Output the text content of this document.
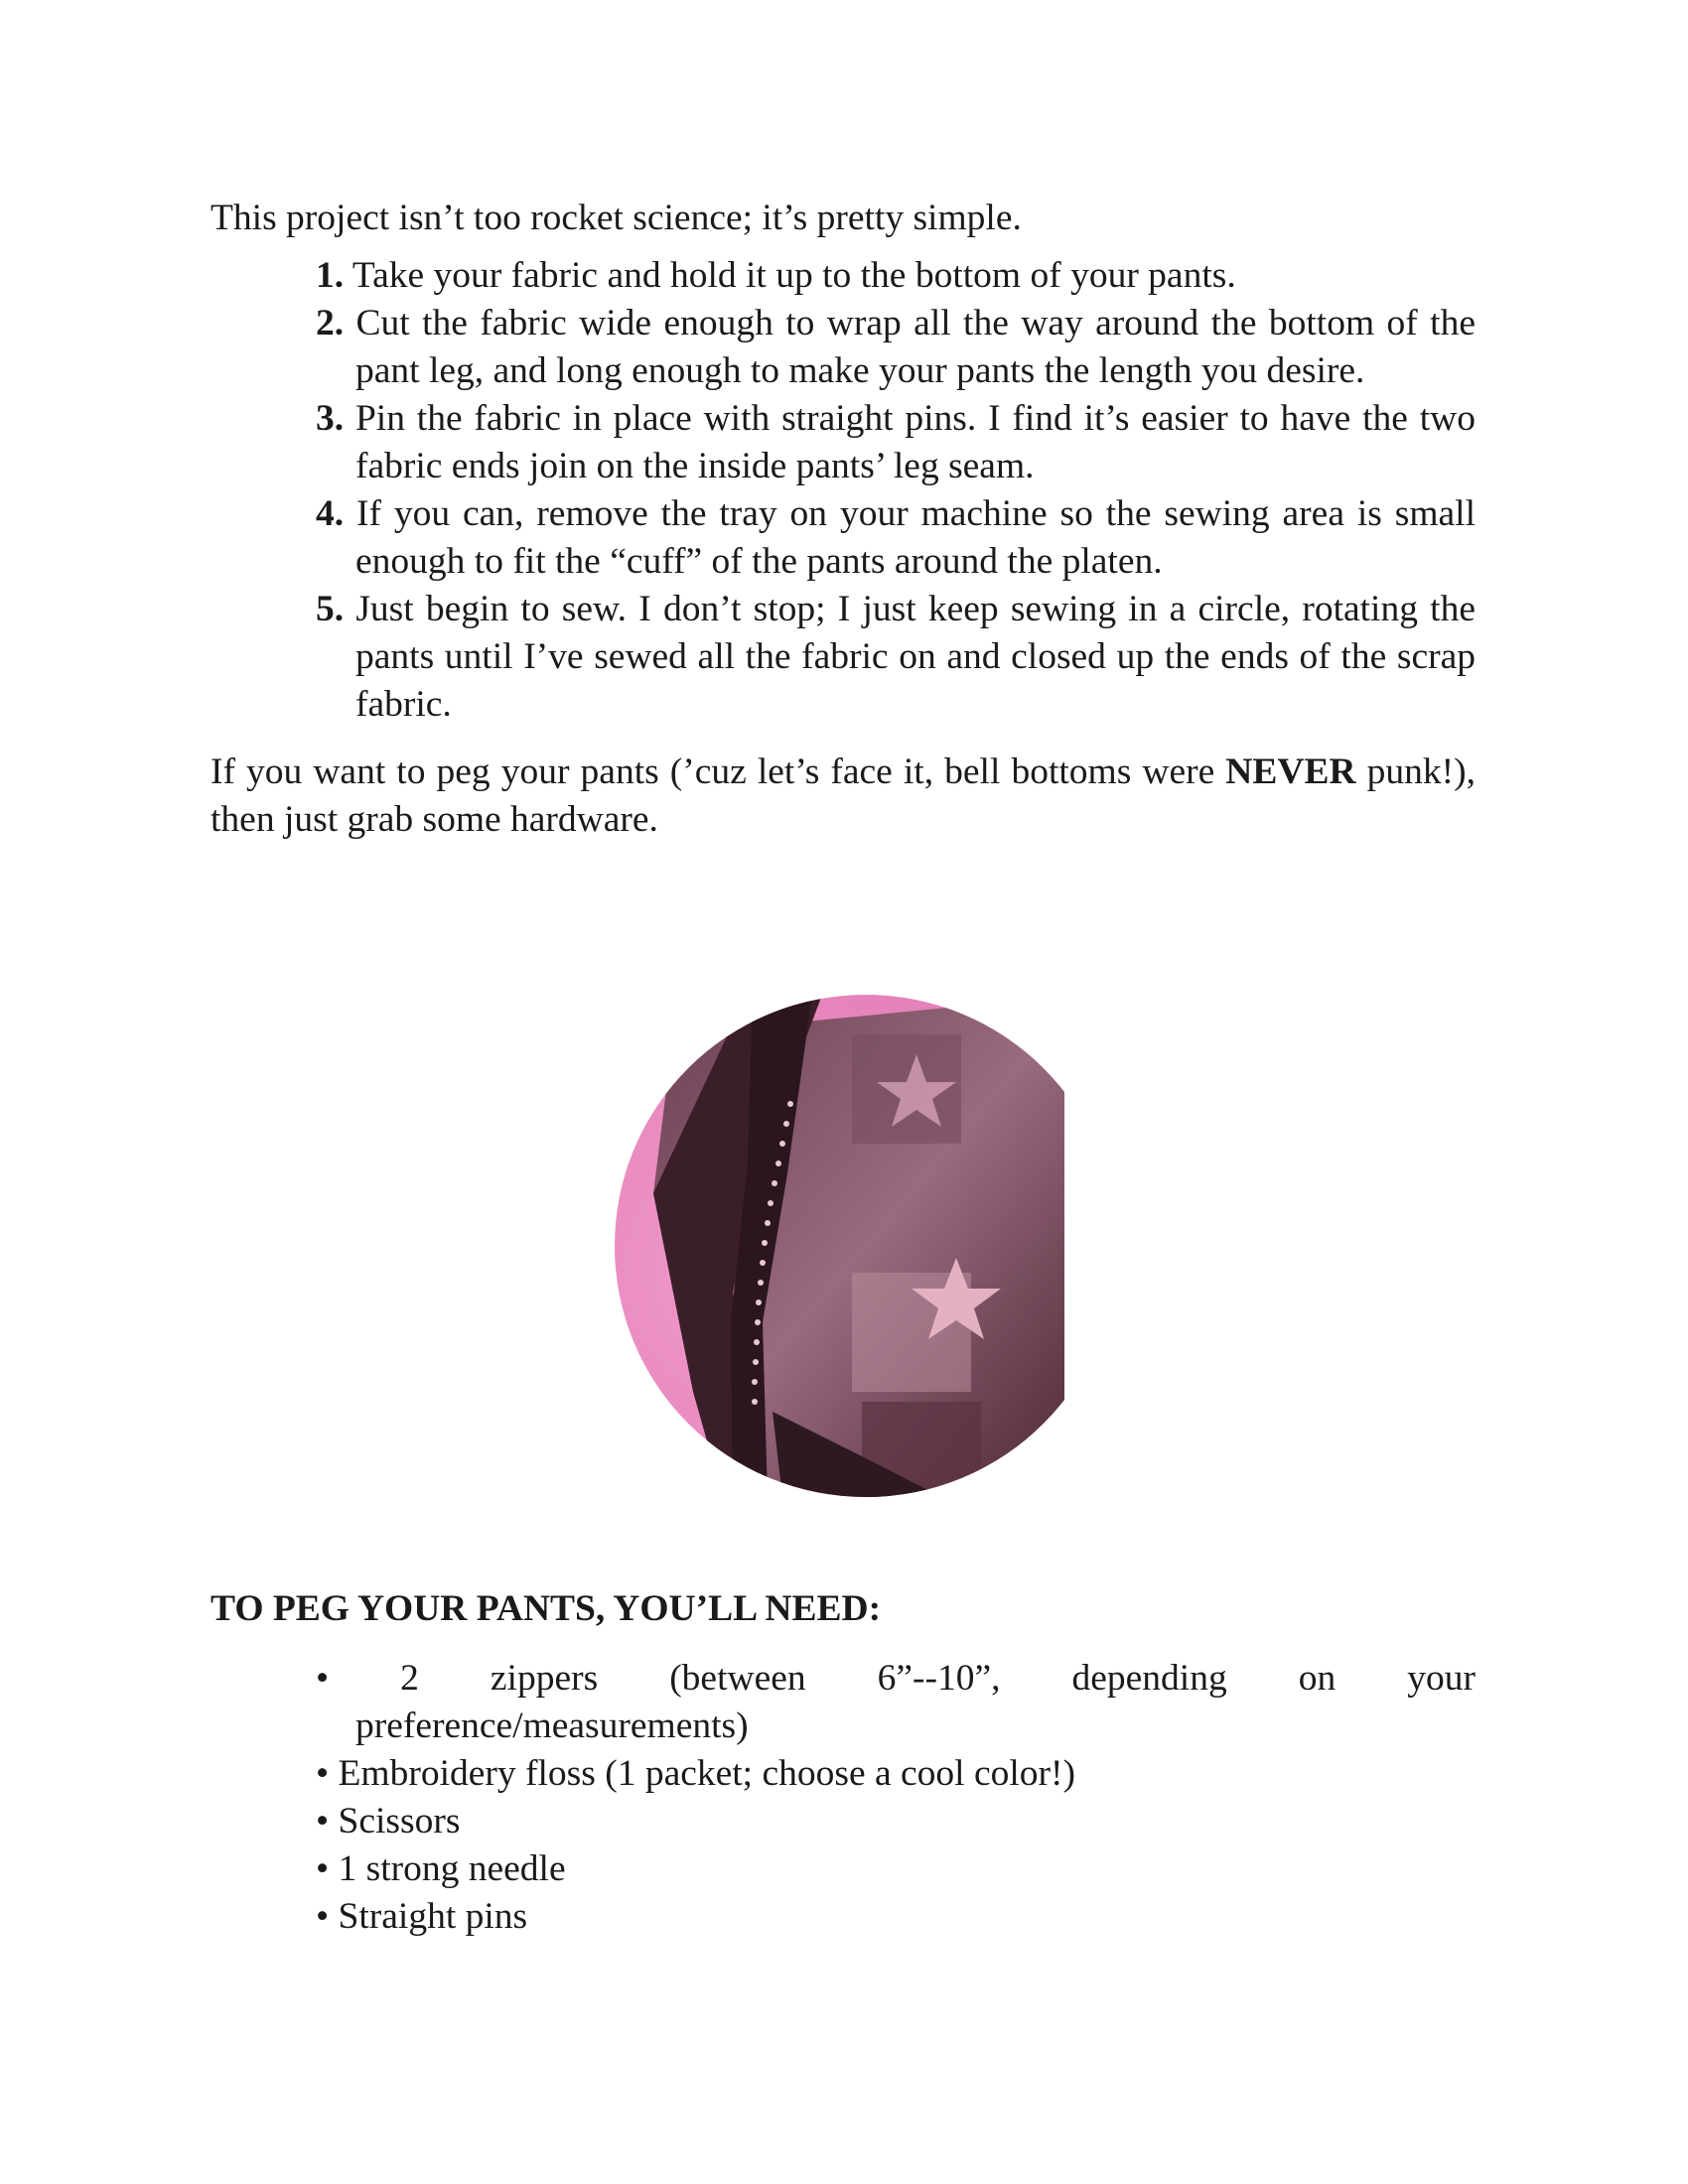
This project isn’t too rocket science; it’s pretty simple.

1. Take your fabric and hold it up to the bottom of your pants.
2. Cut the fabric wide enough to wrap all the way around the bottom of the pant leg, and long enough to make your pants the length you desire.
3. Pin the fabric in place with straight pins. I find it’s easier to have the two fabric ends join on the inside pants’ leg seam.
4. If you can, remove the tray on your machine so the sewing area is small enough to fit the “cuff” of the pants around the platen.
5. Just begin to sew. I don’t stop; I just keep sewing in a circle, rotating the pants until I’ve sewed all the fabric on and closed up the ends of the scrap fabric.

If you want to peg your pants (’cuz let’s face it, bell bottoms were NEVER punk!), then just grab some hardware.

TO PEG YOUR PANTS, YOU’LL NEED:
• 2 zippers (between 6”--10”, depending on your
preference/measurements)
• Embroidery floss (1 packet; choose a cool color!)
• Scissors
• 1 strong needle
• Straight pins
